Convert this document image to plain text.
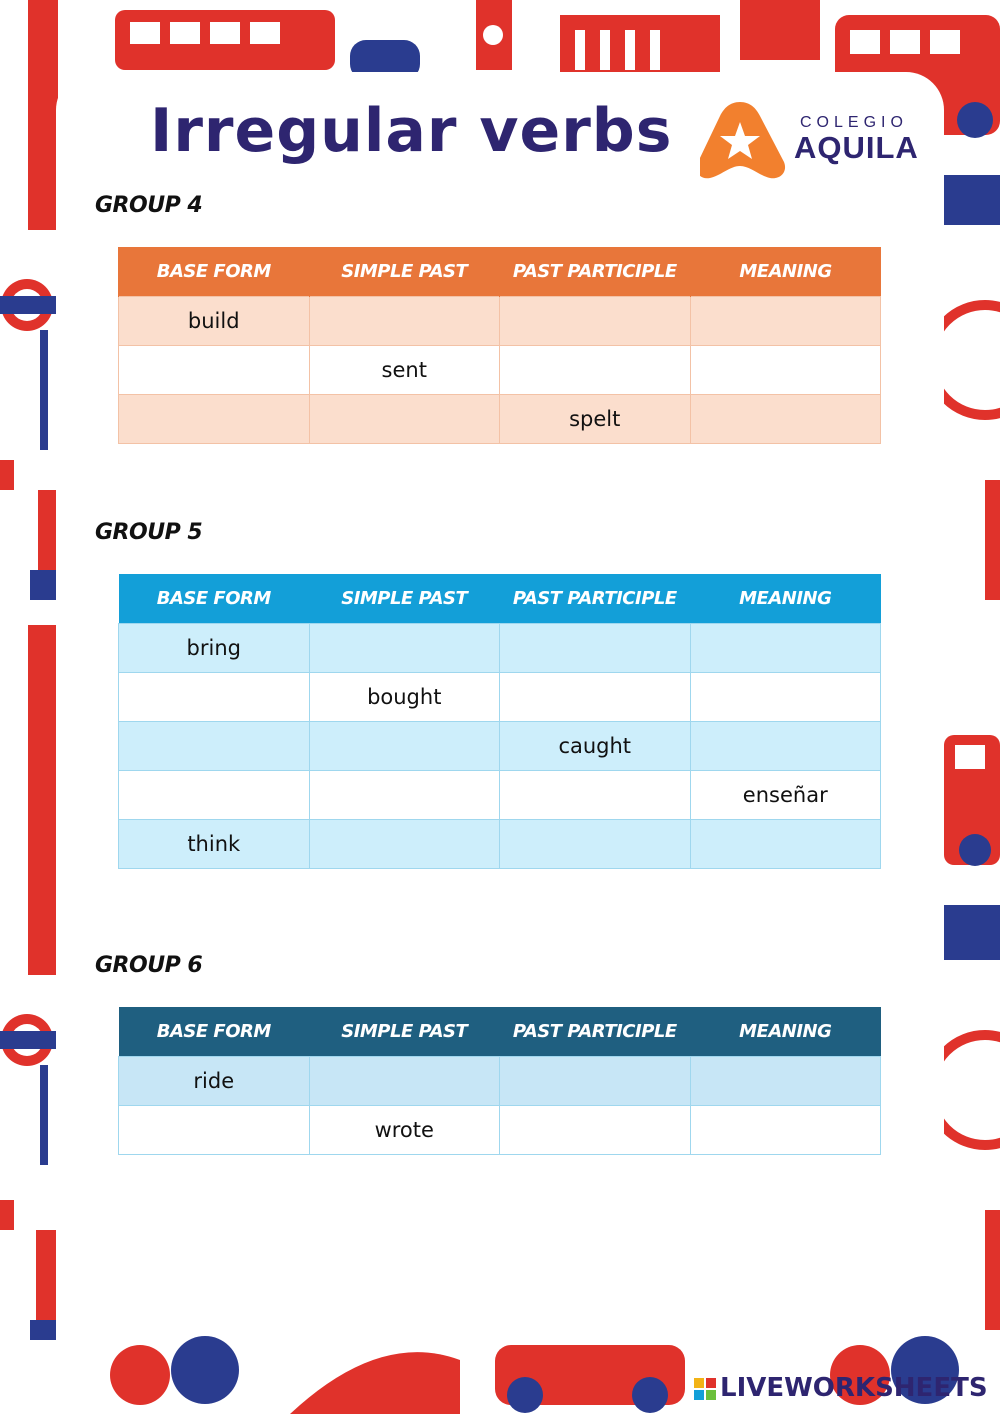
Irregular verbs	COLEGIO
AQUILA
GROUP 4
BASE FORM	SIMPLE PAST	PAST PARTICIPLE	MEANING
build			
	sent		
		spelt	
GROUP 5
BASE FORM	SIMPLE PAST	PAST PARTICIPLE	MEANING
bring			
	bought		
		caught	
			enseñar
think			
GROUP 6
BASE FORM	SIMPLE PAST	PAST PARTICIPLE	MEANING
ride			
	wrote		
LIVEWORKSHEETS
